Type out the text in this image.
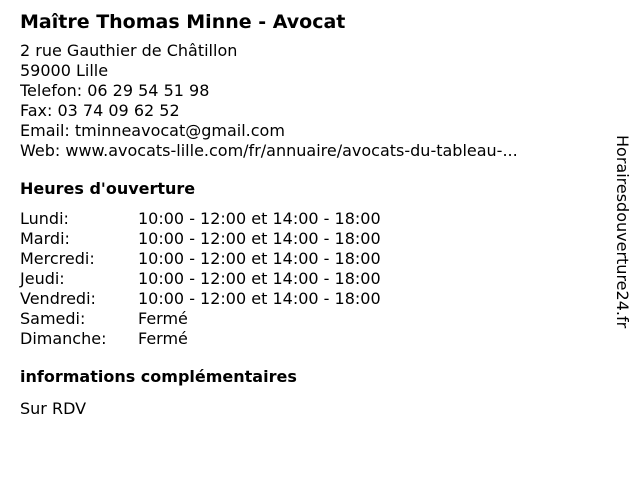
Maître Thomas Minne - Avocat
2 rue Gauthier de Châtillon
59000 Lille
Telefon: 06 29 54 51 98
Fax: 03 74 09 62 52
Email: tminneavocat@gmail.com
Web: www.avocats-lille.com/fr/annuaire/avocats-du-tableau-...
Heures d'ouverture
Lundi:	10:00 - 12:00 et 14:00 - 18:00
Mardi:	10:00 - 12:00 et 14:00 - 18:00
Mercredi:	10:00 - 12:00 et 14:00 - 18:00
Jeudi:	10:00 - 12:00 et 14:00 - 18:00
Vendredi:	10:00 - 12:00 et 14:00 - 18:00
Samedi:	Fermé
Dimanche:	Fermé
informations complémentaires
Sur RDV
Horairesdouverture24.fr
